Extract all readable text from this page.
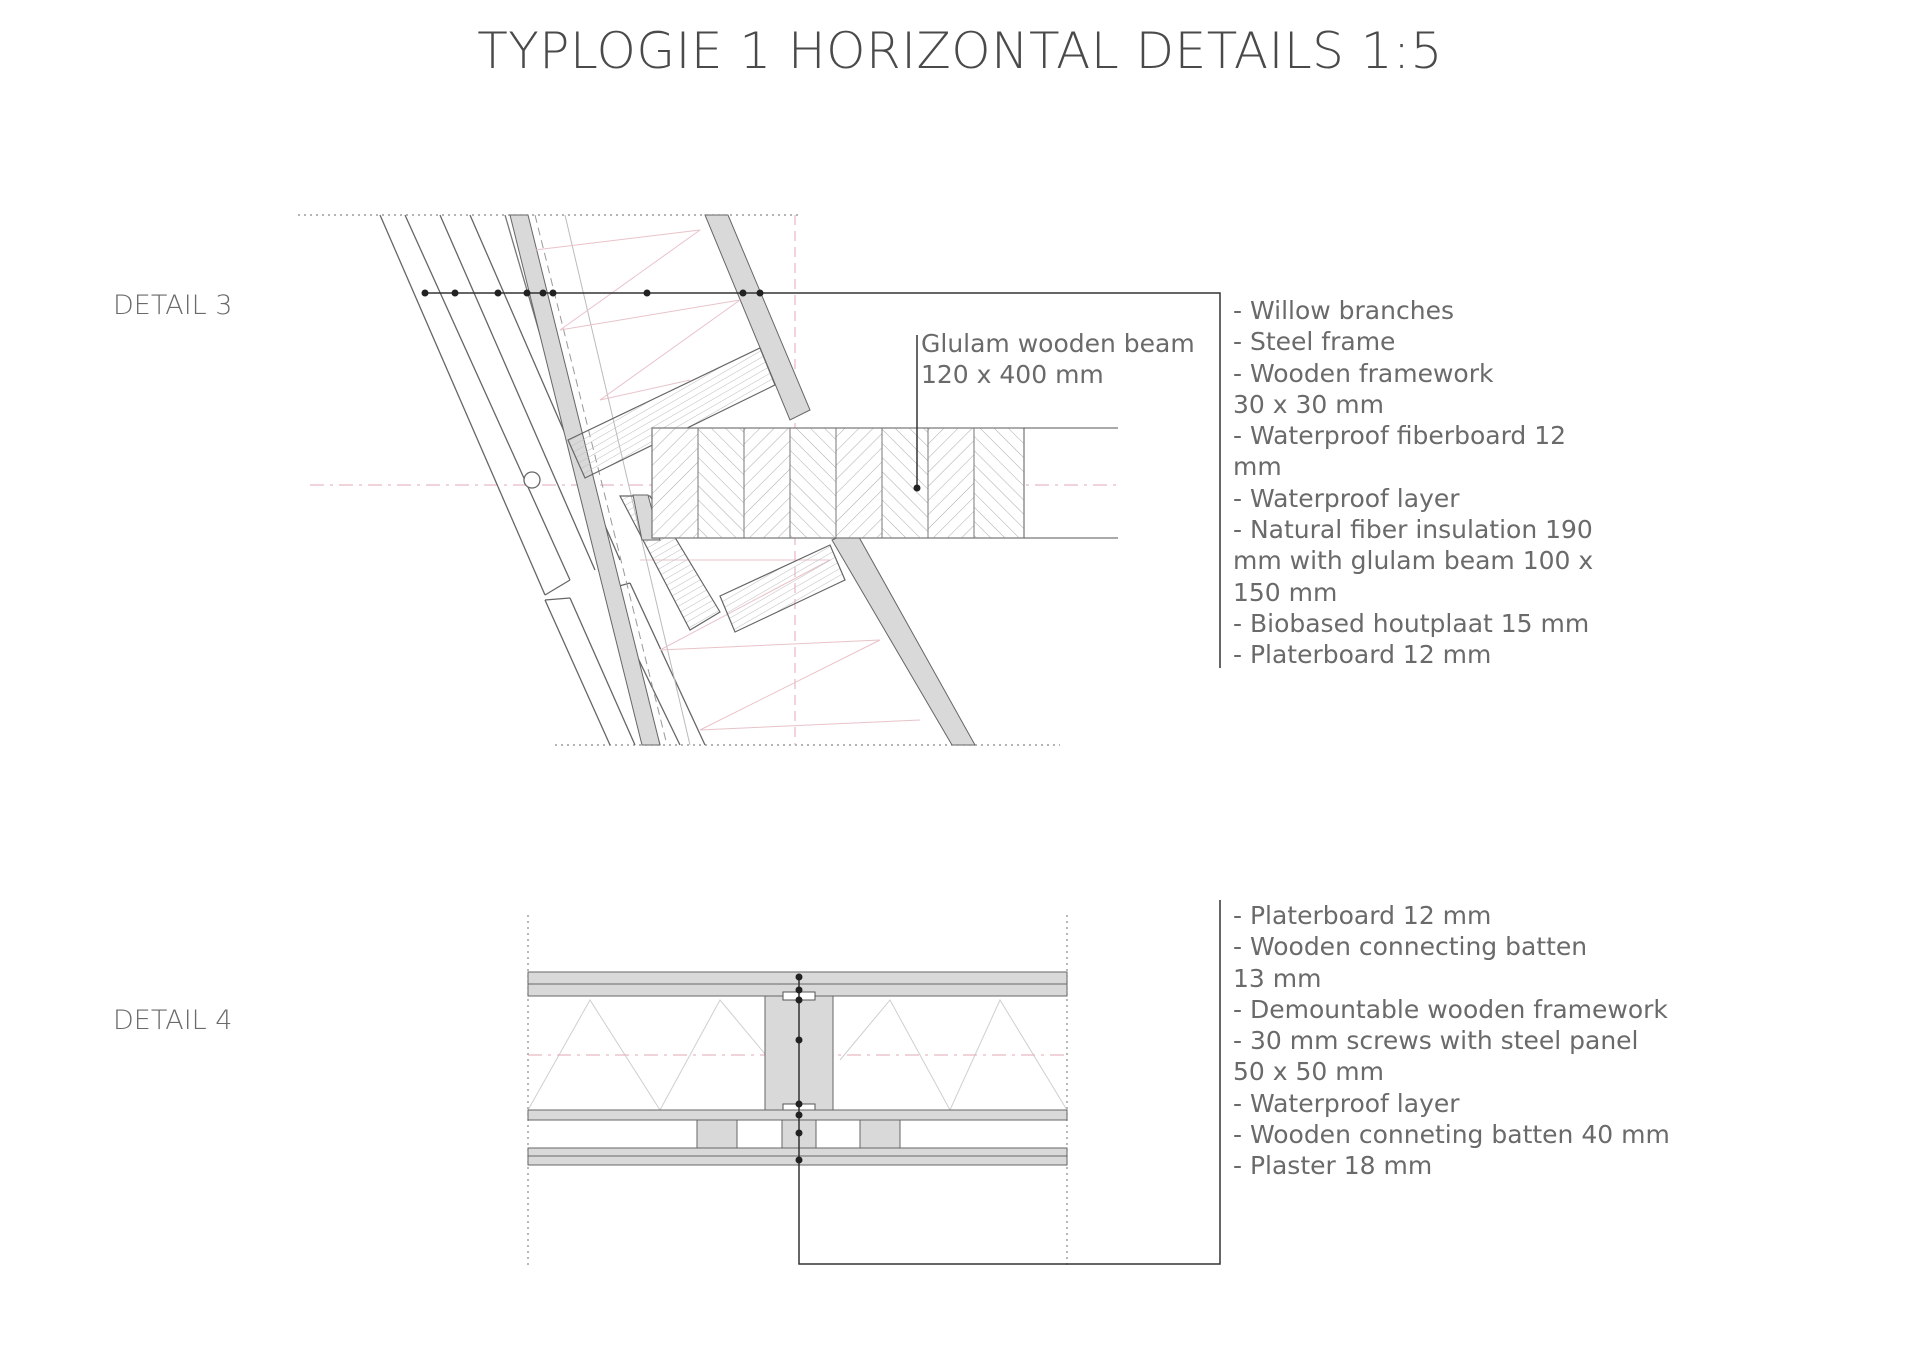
TYPLOGIE 1 HORIZONTAL DETAILS 1:5
DETAIL 3
DETAIL 4
Glulam wooden beam
120 x 400 mm
- Willow branches
- Steel frame
- Wooden framework
30 x 30 mm
- Waterproof fiberboard 12
mm
- Waterproof layer
- Natural fiber insulation 190
mm with glulam beam 100 x
150 mm
- Biobased houtplaat 15 mm
- Platerboard 12 mm
- Platerboard 12 mm
- Wooden connecting batten
13 mm
- Demountable wooden framework
- 30 mm screws with steel panel
50 x 50 mm
- Waterproof layer
- Wooden conneting batten 40 mm
- Plaster 18 mm
